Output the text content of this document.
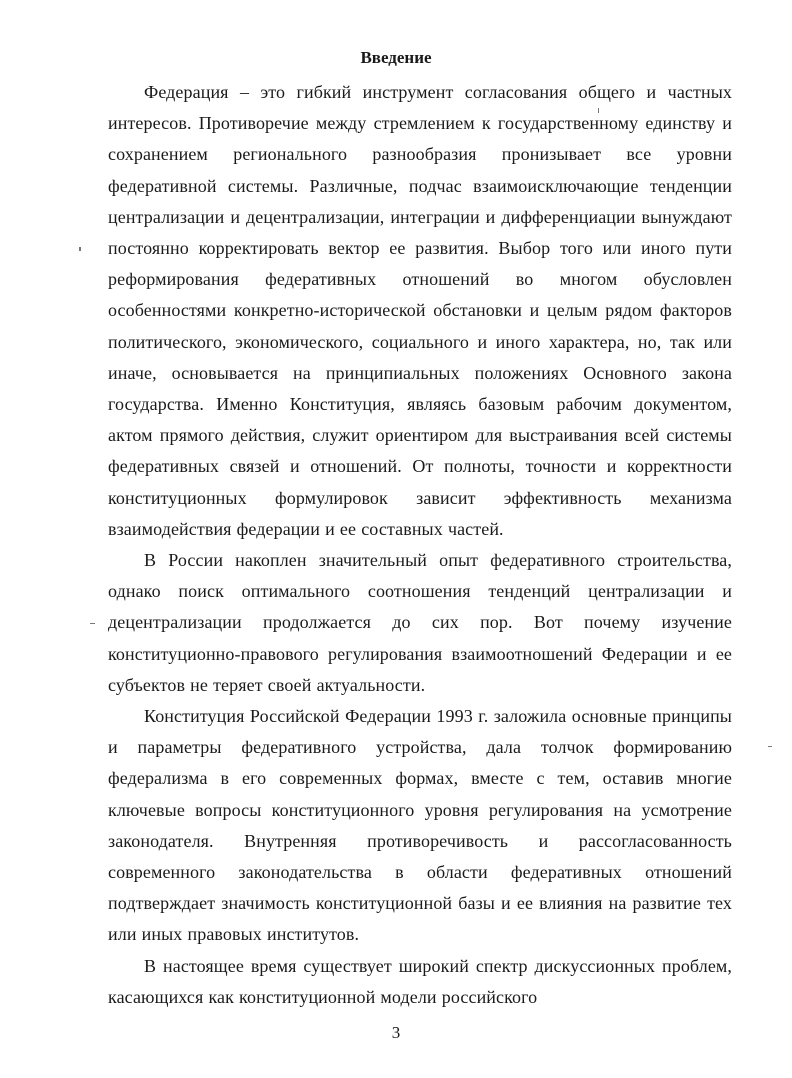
Введение

Федерация – это гибкий инструмент согласования общего и частных интересов. Противоречие между стремлением к государственному единству и сохранением регионального разнообразия пронизывает все уровни федеративной системы. Различные, подчас взаимоисключающие тенденции централизации и децентрализации, интеграции и дифференциации вынуждают постоянно корректировать вектор ее развития. Выбор того или иного пути реформирования федеративных отношений во многом обусловлен особенностями конкретно-исторической обстановки и целым рядом факторов политического, экономического, социального и иного характера, но, так или иначе, основывается на принципиальных положениях Основного закона государства. Именно Конституция, являясь базовым рабочим документом, актом прямого действия, служит ориентиром для выстраивания всей системы федеративных связей и отношений. От полноты, точности и корректности конституционных формулировок зависит эффективность механизма взаимодействия федерации и ее составных частей.

В России накоплен значительный опыт федеративного строительства, однако поиск оптимального соотношения тенденций централизации и децентрализации продолжается до сих пор. Вот почему изучение конституционно-правового регулирования взаимоотношений Федерации и ее субъектов не теряет своей актуальности.

Конституция Российской Федерации 1993 г. заложила основные принципы и параметры федеративного устройства, дала толчок формированию федерализма в его современных формах, вместе с тем, оставив многие ключевые вопросы конституционного уровня регулирования на усмотрение законодателя. Внутренняя противоречивость и рассогласованность современного законодательства в области федеративных отношений подтверждает значимость конституционной базы и ее влияния на развитие тех или иных правовых институтов.

В настоящее время существует широкий спектр дискуссионных проблем, касающихся как конституционной модели российского

3
